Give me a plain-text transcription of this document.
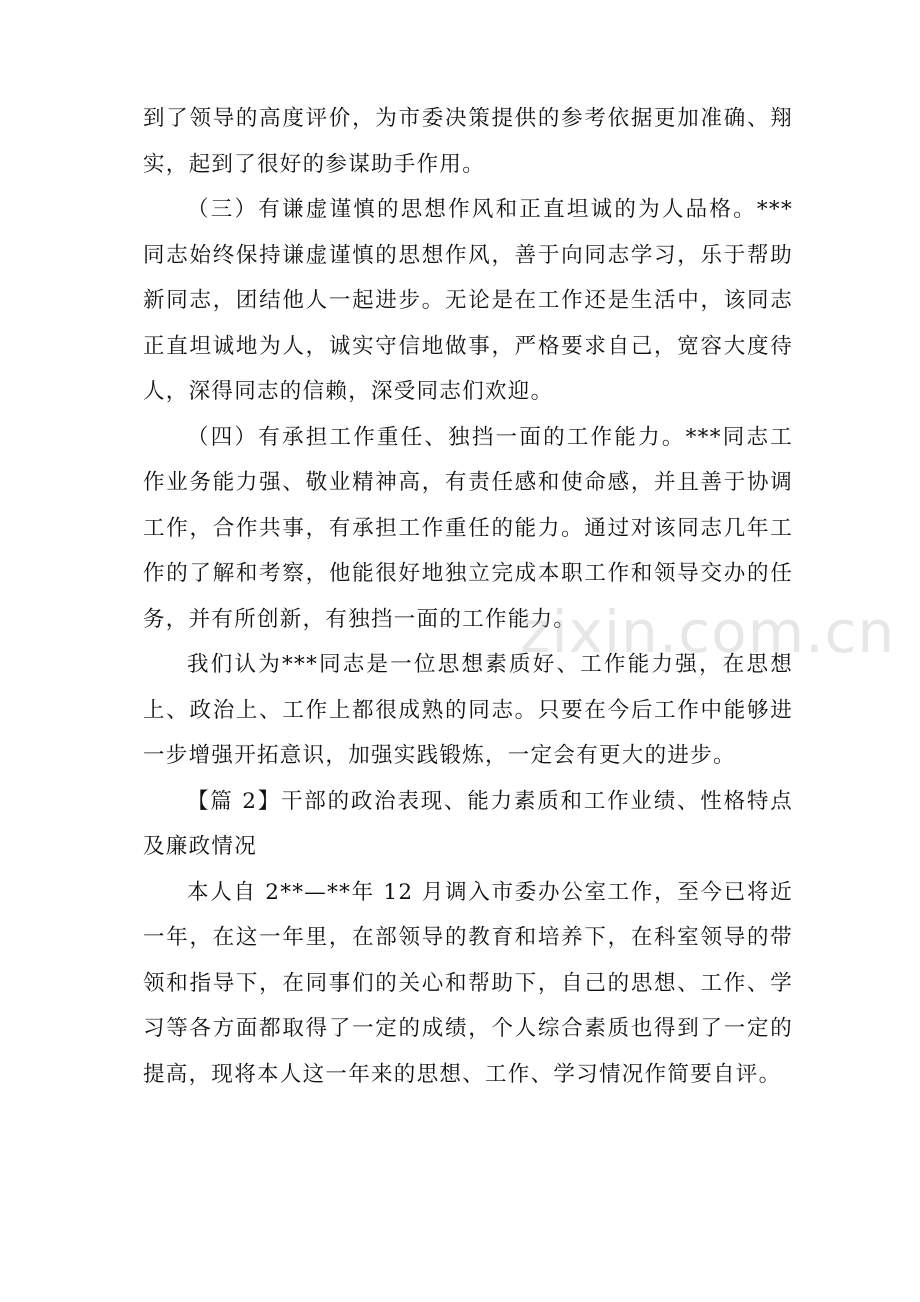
到了领导的高度评价，为市委决策提供的参考依据更加准确、翔实，起到了很好的参谋助手作用。

（三）有谦虚谨慎的思想作风和正直坦诚的为人品格。***同志始终保持谦虚谨慎的思想作风，善于向同志学习，乐于帮助新同志，团结他人一起进步。无论是在工作还是生活中，该同志正直坦诚地为人，诚实守信地做事，严格要求自己，宽容大度待人，深得同志的信赖，深受同志们欢迎。

（四）有承担工作重任、独挡一面的工作能力。***同志工作业务能力强、敬业精神高，有责任感和使命感，并且善于协调工作，合作共事，有承担工作重任的能力。通过对该同志几年工作的了解和考察，他能很好地独立完成本职工作和领导交办的任务，并有所创新，有独挡一面的工作能力。

我们认为***同志是一位思想素质好、工作能力强，在思想上、政治上、工作上都很成熟的同志。只要在今后工作中能够进一步增强开拓意识，加强实践锻炼，一定会有更大的进步。

【篇 2】干部的政治表现、能力素质和工作业绩、性格特点及廉政情况

本人自 2**—**年 12 月调入市委办公室工作，至今已将近一年，在这一年里，在部领导的教育和培养下，在科室领导的带领和指导下，在同事们的关心和帮助下，自己的思想、工作、学习等各方面都取得了一定的成绩，个人综合素质也得到了一定的提高，现将本人这一年来的思想、工作、学习情况作简要自评。

zixin.com.cn
